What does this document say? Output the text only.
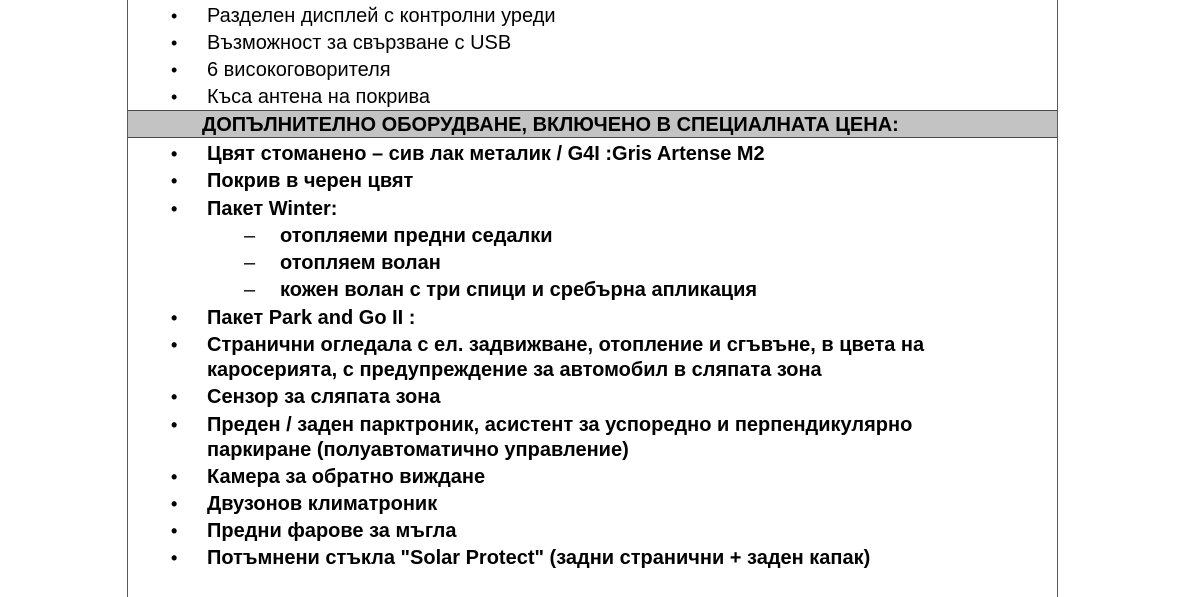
• Разделен дисплей с контролни уреди
• Възможност за свързване с USB
• 6 високоговорителя
• Къса антена на покрива
ДОПЪЛНИТЕЛНО ОБОРУДВАНЕ, ВКЛЮЧЕНО В СПЕЦИАЛНАТА ЦЕНА:
• Цвят стоманено – сив лак металик / G4I :Gris Artense M2
• Покрив в черен цвят
• Пакет Winter:
– отопляеми предни седалки
– отопляем волан
– кожен волан с три спици и сребърна апликация
• Пакет Park and Go II :
• Странични огледала с ел. задвижване, отопление и сгъвъне, в цвета на
каросерията, с предупреждение за автомобил в сляпата зона
• Сензор за сляпата зона
• Преден / заден парктроник, асистент за успоредно и перпендикулярно
паркиране (полуавтоматично управление)
• Камера за обратно виждане
• Двузонов климатроник
• Предни фарове за мъгла
• Потъмнени стъкла "Solar Protect" (задни странични + заден капак)
